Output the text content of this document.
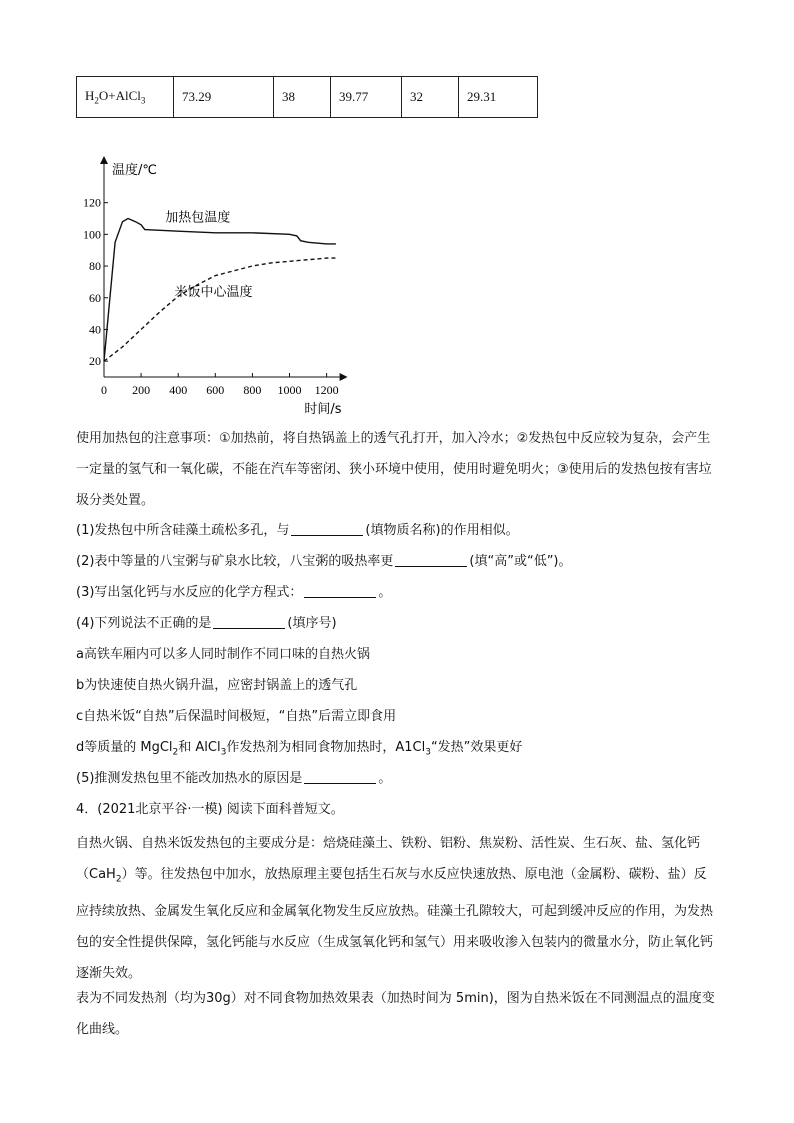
$H_2O+AlCl_3$	73.29	38	39.77	32	29.31
0 200 400 600 800 1000 1200
20
40
60
80
100
120
加热包温度
米饭中心温度
温度/℃
时间/s

使用加热包的注意事项：①加热前，将自热锅盖上的透气孔打开，加入冷水；②发热包中反应较为复杂，会产生一定量的氢气和一氧化碳，不能在汽车等密闭、狭小环境中使用，使用时避免明火；③使用后的发热包按有害垃圾分类处置。

(1)发热包中所含硅藻土疏松多孔，与	(填物质名称)的作用相似。
(2)表中等量的八宝粥与矿泉水比较，八宝粥的吸热率更	(填“高”或“低”)。
(3)写出氢化钙与水反应的化学方程式：	。
(4)下列说法不正确的是	(填序号)
a高铁车厢内可以多人同时制作不同口味的自热火锅
b为快速使自热火锅升温，应密封锅盖上的透气孔
c自热米饭“自热”后保温时间极短，“自热”后需立即食用
d等质量的 MgCl$_2$和 AlCl$_3$作发热剂为相同食物加热时，$A1Cl_3“$发热”效果更好
(5)推测发热包里不能改加热水的原因是	。
4．(2021北京平谷·一模) 阅读下面科普短文。

自热火锅、自热米饭发热包的主要成分是：焙烧硅藻土、铁粉、铝粉、焦炭粉、活性炭、生石灰、盐、氢化钙（CaH$_2$）等。往发热包中加水，放热原理主要包括生石灰与水反应快速放热、原电池（金属粉、碳粉、盐）反应持续放热、金属发生氧化反应和金属氧化物发生反应放热。硅藻土孔隙较大，可起到缓冲反应的作用，为发热包的安全性提供保障，氢化钙能与水反应（生成氢氧化钙和氢气）用来吸收渗入包装内的微量水分，防止氧化钙逐渐失效。

表为不同发热剂（均为30g）对不同食物加热效果表（加热时间为 5min)，图为自热米饭在不同测温点的温度变化曲线。
